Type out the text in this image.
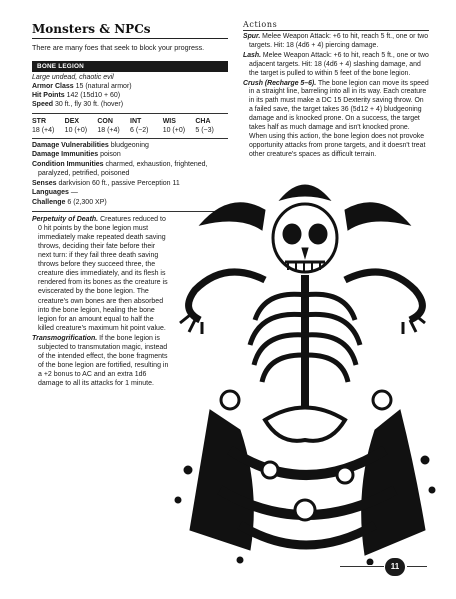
Monsters & NPCs

There are many foes that seek to block your progress.

BONE LEGION
Large undead, chaotic evil
Armor Class 15 (natural armor)
Hit Points 142 (15d10 + 60)
Speed 30 ft., fly 30 ft. (hover)
STR
18 (+4)
DEX
10 (+0)
CON
18 (+4)
INT
6 (−2)
WIS
10 (+0)
CHA
5 (−3)
Damage Vulnerabilities bludgeoning
Damage Immunities poison
Condition Immunities charmed, exhaustion, frightened, paralyzed, petrified, poisoned
Senses darkvision 60 ft., passive Perception 11
Languages —
Challenge 6 (2,300 XP)

Perpetuity of Death. Creatures reduced to 0 hit points by the bone legion must immediately make repeated death saving throws, deciding their fate before their next turn: if they fail three death saving throws before they succeed three, the creature dies immediately, and its flesh is rendered from its bones as the creature is eviscerated by the bone legion. The creature's own bones are then absorbed into the bone legion, healing the bone legion for an amount equal to half the killed creature's maximum hit point value.

Transmogrification. If the bone legion is subjected to transmutation magic, instead of the intended effect, the bone fragments of the bone legion are fortified, resulting in a +2 bonus to AC and an extra 1d6 damage to all its attacks for 1 minute.

Actions
Spur. Melee Weapon Attack: +6 to hit, reach 5 ft., one or two targets. Hit: 18 (4d6 + 4) piercing damage.
Lash. Melee Weapon Attack: +6 to hit, reach 5 ft., one or two adjacent targets. Hit: 18 (4d6 + 4) slashing damage, and the target is pulled to within 5 feet of the bone legion.
Crush (Recharge 5–6). The bone legion can move its speed in a straight line, barreling into all in its way. Each creature in its path must make a DC 15 Dexterity saving throw. On a failed save, the target takes 36 (5d12 + 4) bludgeoning damage and is knocked prone. On a success, the target takes half as much damage and isn't knocked prone. When using this action, the bone legion does not provoke opportunity attacks from prone targets, and it doesn't treat other creature's spaces as difficult terrain.
11
